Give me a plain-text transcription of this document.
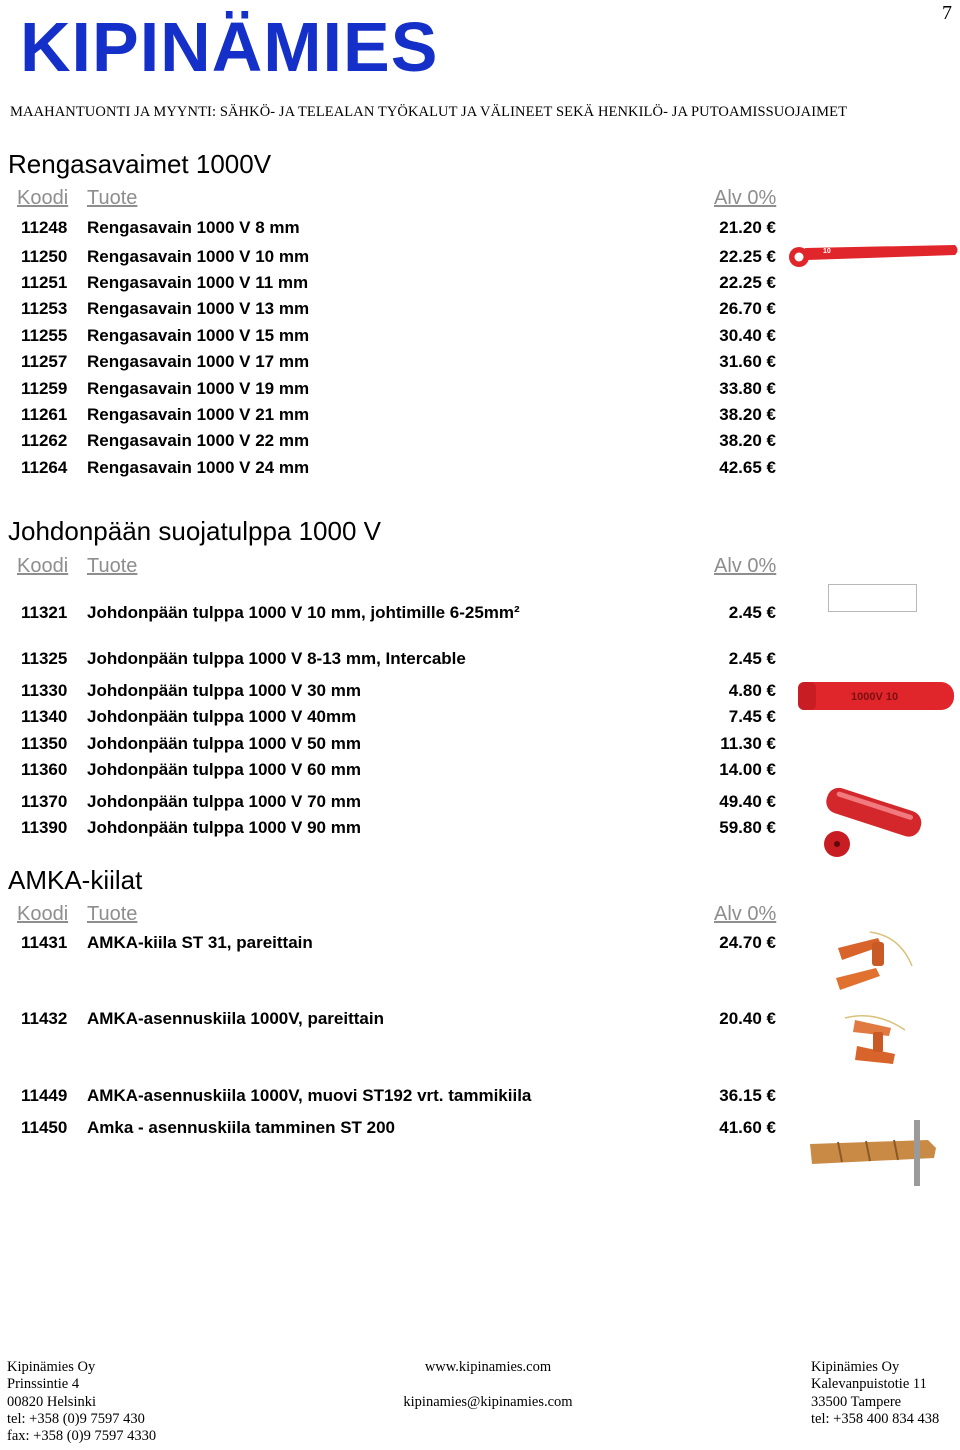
7
KIPINÄMIES
MAAHANTUONTI JA MYYNTI: SÄHKÖ- JA TELEALAN TYÖKALUT JA VÄLINEET SEKÄ HENKILÖ- JA PUTOAMISSUOJAIMET
Rengasavaimet 1000V
Koodi Tuote	Alv 0%
11248 Rengasavain 1000 V 8 mm	21.20 €
11250 Rengasavain 1000 V 10 mm	22.25 €
11251 Rengasavain 1000 V 11 mm	22.25 €
11253 Rengasavain 1000 V 13 mm	26.70 €
11255 Rengasavain 1000 V 15 mm	30.40 €
11257 Rengasavain 1000 V 17 mm	31.60 €
11259 Rengasavain 1000 V 19 mm	33.80 €
11261 Rengasavain 1000 V 21 mm	38.20 €
11262 Rengasavain 1000 V 22 mm	38.20 €
11264 Rengasavain 1000 V 24 mm	42.65 €
10
Johdonpään suojatulppa 1000 V
Koodi Tuote	Alv 0%
11321 Johdonpään tulppa 1000 V 10 mm, johtimille 6-25mm²	2.45 €
11325 Johdonpään tulppa 1000 V 8-13 mm, Intercable	2.45 €
11330 Johdonpään tulppa 1000 V 30 mm	4.80 €
11340 Johdonpään tulppa 1000 V 40mm	7.45 €
11350 Johdonpään tulppa 1000 V 50 mm	11.30 €
11360 Johdonpään tulppa 1000 V 60 mm	14.00 €
11370 Johdonpään tulppa 1000 V 70 mm	49.40 €
11390 Johdonpään tulppa 1000 V 90 mm	59.80 €
1000V 10
AMKA-kiilat
Koodi Tuote	Alv 0%
11431 AMKA-kiila ST 31, pareittain	24.70 €
11432 AMKA-asennuskiila 1000V, pareittain	20.40 €
11449 AMKA-asennuskiila 1000V, muovi ST192 vrt. tammikiila	36.15 €
11450 Amka - asennuskiila tamminen ST 200	41.60 €
Kipinämies Oy
Prinssintie 4
00820 Helsinki
tel: +358 (0)9 7597 430
fax: +358 (0)9 7597 4330
www.kipinamies.com
kipinamies@kipinamies.com
Kipinämies Oy
Kalevanpuistotie 11
33500 Tampere
tel: +358 400 834 438
